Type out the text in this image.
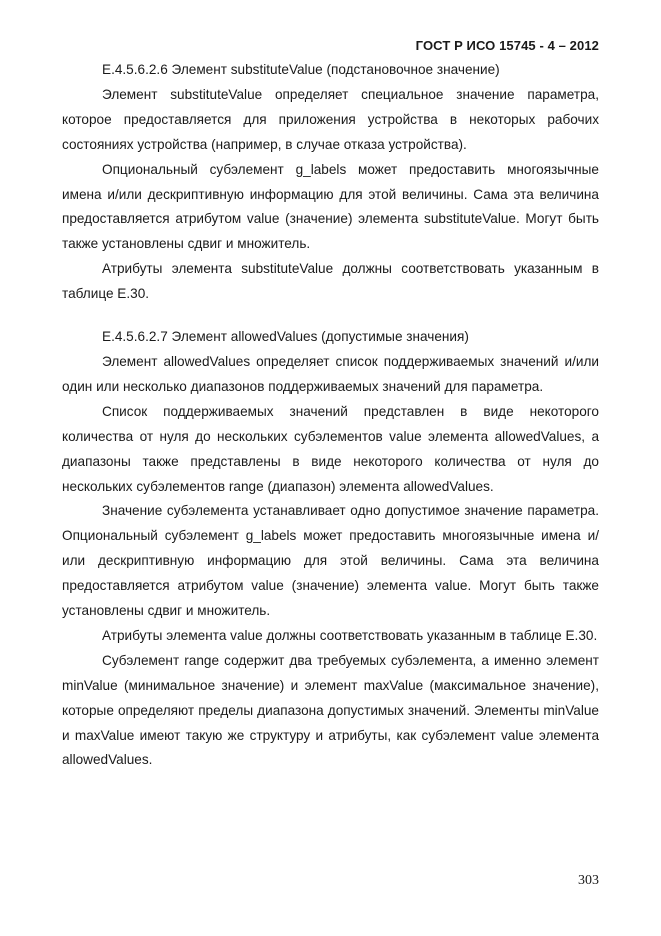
ГОСТ Р ИСО 15745 - 4 – 2012

E.4.5.6.2.6 Элемент substituteValue (подстановочное значение)

Элемент substituteValue определяет специальное значение параметра, которое предоставляется для приложения устройства в некоторых рабочих состояниях устройства (например, в случае отказа устройства).

Опциональный субэлемент g_labels может предоставить многоязычные имена и/или дескриптивную информацию для этой величины. Сама эта величина предоставляется атрибутом value (значение) элемента substituteValue. Могут быть также установлены сдвиг и множитель.

Атрибуты элемента substituteValue должны соответствовать указанным в таблице E.30.

E.4.5.6.2.7 Элемент allowedValues (допустимые значения)

Элемент allowedValues определяет список поддерживаемых значений и/или один или несколько диапазонов поддерживаемых значений для параметра.

Список поддерживаемых значений представлен в виде некоторого количества от нуля до нескольких субэлементов value элемента allowedValues, а диапазоны также представлены в виде некоторого количества от нуля до нескольких субэлементов range (диапазон) элемента allowedValues.

Значение субэлемента устанавливает одно допустимое значение параметра. Опциональный субэлемент g_labels может предоставить многоязычные имена и/или дескриптивную информацию для этой величины. Сама эта величина предоставляется атрибутом value (значение) элемента value. Могут быть также установлены сдвиг и множитель.

Атрибуты элемента value должны соответствовать указанным в таблице E.30.

Субэлемент range содержит два требуемых субэлемента, а именно элемент minValue (минимальное значение) и элемент maxValue (максимальное значение), которые определяют пределы диапазона допустимых значений. Элементы minValue и maxValue имеют такую же структуру и атрибуты, как субэлемент value элемента allowedValues.

303
